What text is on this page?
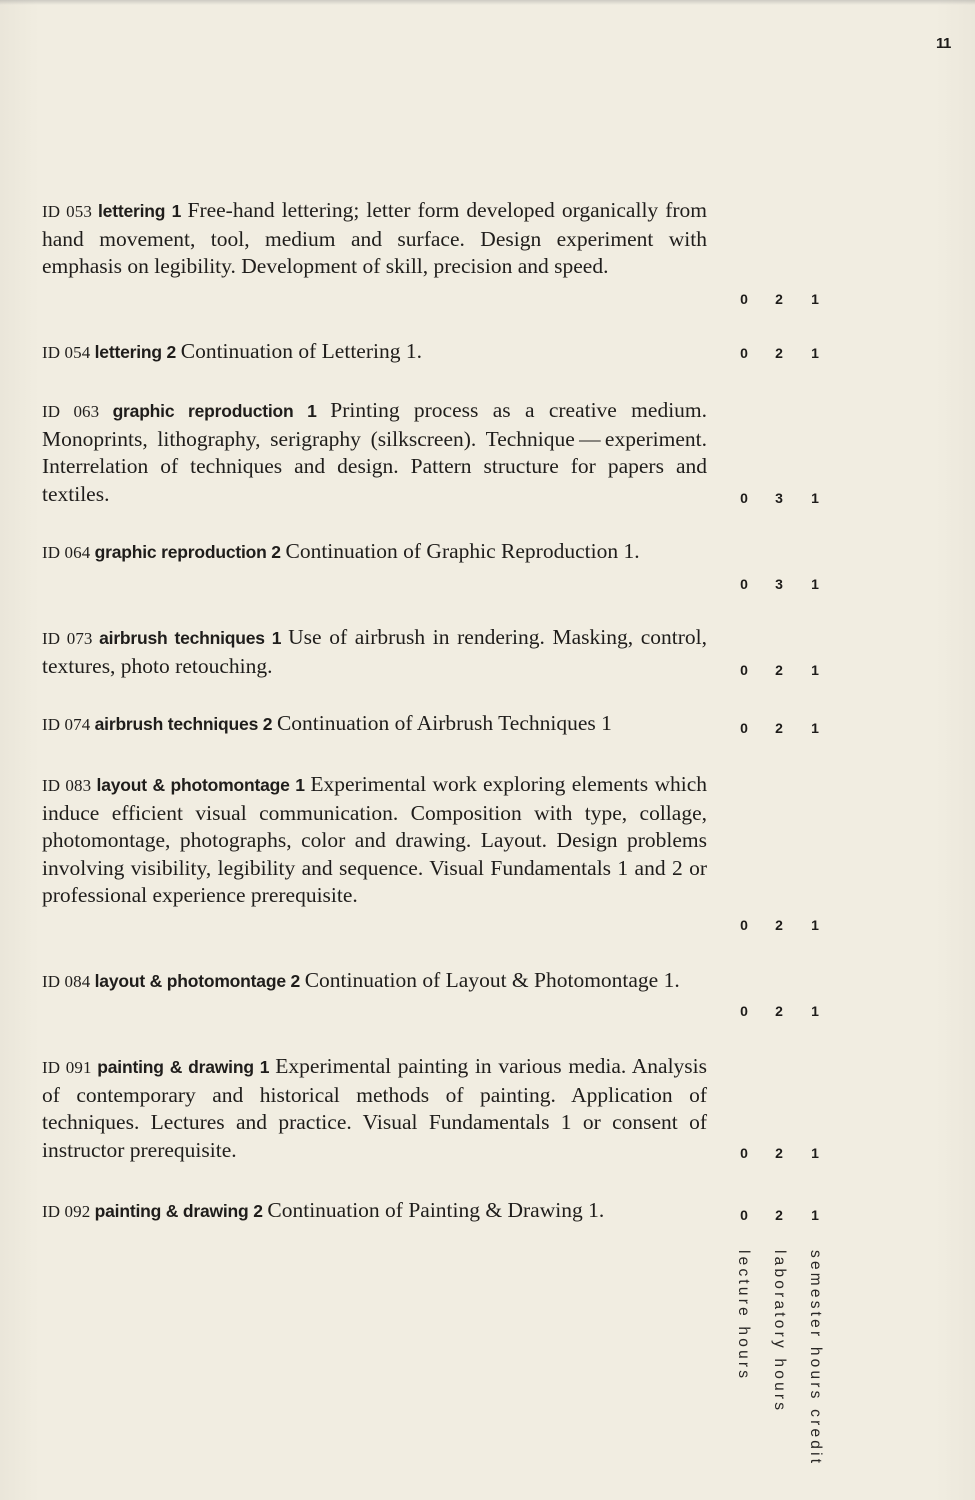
11
ID 053 lettering 1 Free-hand lettering; letter form developed organically from hand movement, tool, medium and surface. Design experiment with emphasis on legibility. Development of skill, precision and speed.
0	2	1
ID 054 lettering 2 Continuation of Lettering 1.	0	2	1
ID 063 graphic reproduction 1 Printing process as a creative medium. Monoprints, lithography, serigraphy (silkscreen). Technique — experiment. Interrelation of techniques and design. Pattern structure for papers and textiles.	0	3	1
ID 064 graphic reproduction 2 Continuation of Graphic Reproduction 1.
0	3	1
ID 073 airbrush techniques 1 Use of airbrush in rendering. Masking, control, textures, photo retouching.	0	2	1
ID 074 airbrush techniques 2 Continuation of Airbrush Techniques 1	0	2	1
ID 083 layout & photomontage 1 Experimental work exploring elements which induce efficient visual communication. Composition with type, collage, photomontage, photographs, color and drawing. Layout. Design problems involving visibility, legibility and sequence. Visual Fundamentals 1 and 2 or professional experience prerequisite.
0	2	1
ID 084 layout & photomontage 2 Continuation of Layout & Photomontage 1.
0	2	1
ID 091 painting & drawing 1 Experimental painting in various media. Analysis of contemporary and historical methods of painting. Application of techniques. Lectures and practice. Visual Fundamentals 1 or consent of instructor prerequisite.	0	2	1
ID 092 painting & drawing 2 Continuation of Painting & Drawing 1.	0	2	1
lecture hours laboratory hours semester hours credit
